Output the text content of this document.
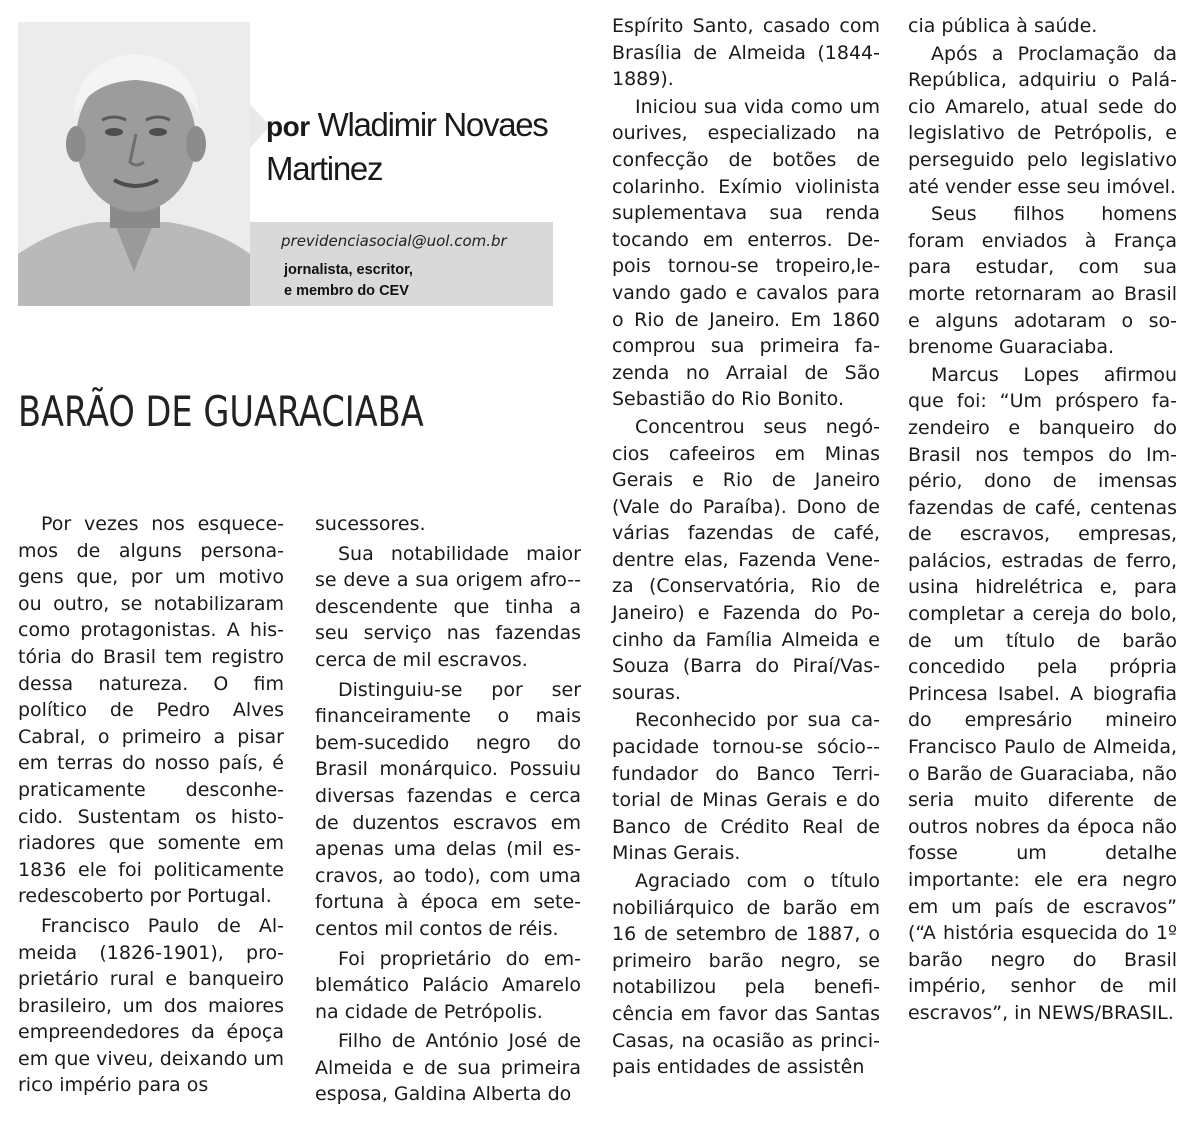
por Wladimir Novaes Martinez
previdenciasocial@uol.com.br
jornalista, escritor,
e membro do CEV
BARÃO DE GUARACIABA

Por vezes nos esquecemos de alguns personagens que, por um motivo ou outro, se notabilizaram como protagonistas. A história do Brasil tem registro dessa natureza. O fim político de Pedro Alves Cabral, o primeiro a pisar em terras do nosso país, é praticamente desconhecido. Sustentam os historiadores que somente em 1836 ele foi politicamente redescoberto por Portugal.

Francisco Paulo de Almeida (1826-1901), proprietário rural e banqueiro brasileiro, um dos maiores empreendedores da époça em que viveu, deixando um rico império para os

sucessores.

Sua notabilidade maior se deve a sua origem afro-​-descendente que tinha a seu serviço nas fazendas cerca de mil escravos.

Distinguiu-se por ser financeiramente o mais bem-sucedido negro do Brasil monárquico. Possuiu diversas fazendas e cerca de duzentos escravos em apenas uma delas (mil escravos, ao todo), com uma fortuna à época em setecentos mil contos de réis.

Foi proprietário do emblemático Palácio Amarelo na cidade de Petrópolis.

Filho de António José de Almeida e de sua primeira esposa, Galdina Alberta do

Espírito Santo, casado com Brasília de Almeida (1844-​1889).

Iniciou sua vida como um ourives, especializado na confecção de botões de colarinho. Exímio violinista suplementava sua renda tocando em enterros. Depois tornou-se tropeiro,levando gado e cavalos para o Rio de Janeiro. Em 1860 comprou sua primeira fazenda no Arraial de São Sebastião do Rio Bonito.

Concentrou seus negócios cafeeiros em Minas Gerais e Rio de Janeiro (Vale do Paraíba). Dono de várias fazendas de café, dentre elas, Fazenda Veneza (Conservatória, Rio de Janeiro) e Fazenda do Pocinho da Família Almeida e Souza (Barra do Piraí/Vassouras.

Reconhecido por sua capacidade tornou-se sócio-​-fundador do Banco Territorial de Minas Gerais e do Banco de Crédito Real de Minas Gerais.

Agraciado com o título nobiliárquico de barão em 16 de setembro de 1887, o primeiro barão negro, se notabilizou pela beneficência em favor das Santas Casas, na ocasião as principais entidades de assistên

cia pública à saúde.

Após a Proclamação da República, adquiriu o Palácio Amarelo, atual sede do legislativo de Petrópolis, e perseguido pelo legislativo até vender esse seu imóvel.

Seus filhos homens foram enviados à França para estudar, com sua morte retornaram ao Brasil e alguns adotaram o sobrenome Guaraciaba.

Marcus Lopes afirmou que foi: “Um próspero fazendeiro e banqueiro do Brasil nos tempos do Império, dono de imensas fazendas de café, centenas de escravos, empresas, palácios, estradas de ferro, usina hidrelétrica e, para completar a cereja do bolo, de um título de barão concedido pela própria Princesa Isabel. A biografia do empresário mineiro Francisco Paulo de Almeida, o Barão de Guaraciaba, não seria muito diferente de outros nobres da época não fosse um detalhe importante: ele era negro em um país de escravos” (“A história esquecida do 1º barão negro do Brasil império, senhor de mil escravos”, in NEWS/BRASIL.
